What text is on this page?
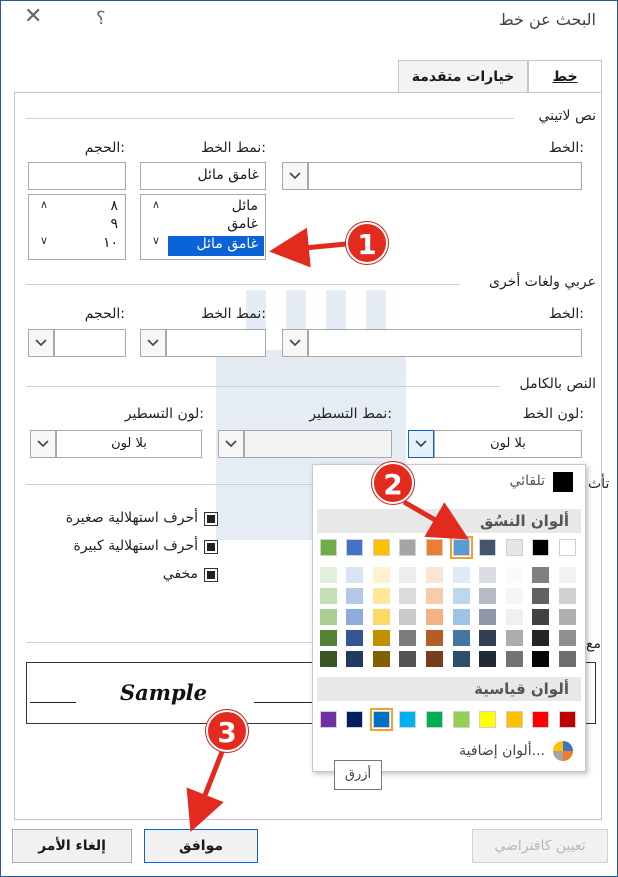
البحث عن خط
؟
✕
خط
خيارات متقدمة
نص لاتيني
الخط:
نمط الخط:
الحجم:
غامق مائل
مائل
غامق
غامق مائل
∧
∨
٨
٩
١٠
∧
∨
عربي ولغات أخرى
الخط:
نمط الخط:
الحجم:
النص بالكامل
لون الخط:
نمط التسطير:
لون التسطير:
بلا لون
بلا لون
تأث
أحرف استهلالية صغيرة
أحرف استهلالية كبيرة
مخفي
مع
Sample
تعيين كافتراضي
موافق
إلغاء الأمر
تلقائي
ألوان النسُق
ألوان قياسية
ألوان إضافية...
أزرق
1
2
3
